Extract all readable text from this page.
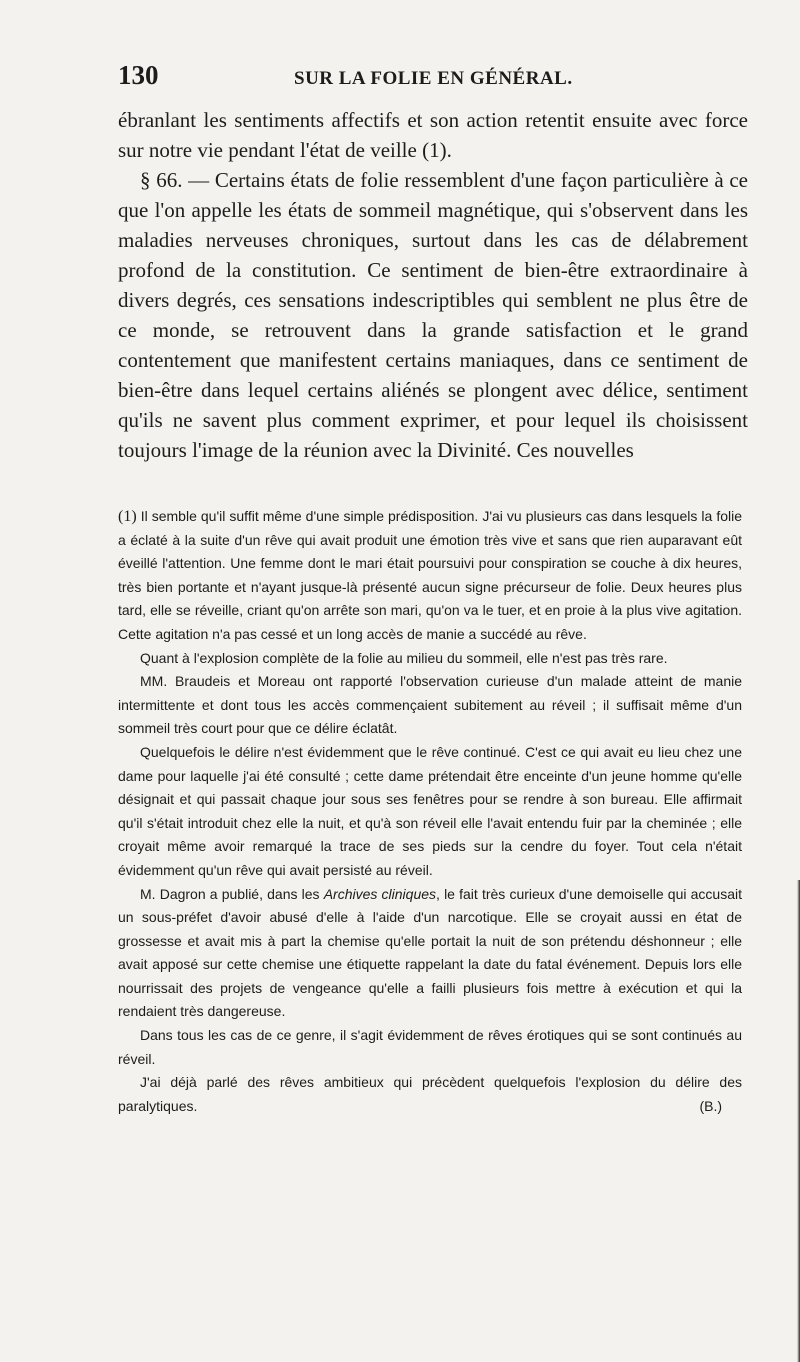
130	SUR LA FOLIE EN GÉNÉRAL.

ébranlant les sentiments affectifs et son action retentit ensuite avec force sur notre vie pendant l'état de veille (1).

§ 66. — Certains états de folie ressemblent d'une façon particulière à ce que l'on appelle les états de sommeil magnétique, qui s'observent dans les maladies nerveuses chroniques, surtout dans les cas de délabrement profond de la constitution. Ce sentiment de bien-être extraordinaire à divers degrés, ces sensations indescriptibles qui semblent ne plus être de ce monde, se retrouvent dans la grande satisfaction et le grand contentement que manifestent certains maniaques, dans ce sentiment de bien-être dans lequel certains aliénés se plongent avec délice, sentiment qu'ils ne savent plus comment exprimer, et pour lequel ils choisissent toujours l'image de la réunion avec la Divinité. Ces nouvelles

(1) Il semble qu'il suffit même d'une simple prédisposition. J'ai vu plusieurs cas dans lesquels la folie a éclaté à la suite d'un rêve qui avait produit une émotion très vive et sans que rien auparavant eût éveillé l'attention. Une femme dont le mari était poursuivi pour conspiration se couche à dix heures, très bien portante et n'ayant jusque-là présenté aucun signe précurseur de folie. Deux heures plus tard, elle se réveille, criant qu'on arrête son mari, qu'on va le tuer, et en proie à la plus vive agitation. Cette agitation n'a pas cessé et un long accès de manie a succédé au rêve.

Quant à l'explosion complète de la folie au milieu du sommeil, elle n'est pas très rare.

MM. Braudeis et Moreau ont rapporté l'observation curieuse d'un malade atteint de manie intermittente et dont tous les accès commençaient subitement au réveil ; il suffisait même d'un sommeil très court pour que ce délire éclatât.

Quelquefois le délire n'est évidemment que le rêve continué. C'est ce qui avait eu lieu chez une dame pour laquelle j'ai été consulté ; cette dame prétendait être enceinte d'un jeune homme qu'elle désignait et qui passait chaque jour sous ses fenêtres pour se rendre à son bureau. Elle affirmait qu'il s'était introduit chez elle la nuit, et qu'à son réveil elle l'avait entendu fuir par la cheminée ; elle croyait même avoir remarqué la trace de ses pieds sur la cendre du foyer. Tout cela n'était évidemment qu'un rêve qui avait persisté au réveil.

M. Dagron a publié, dans les Archives cliniques, le fait très curieux d'une demoiselle qui accusait un sous-préfet d'avoir abusé d'elle à l'aide d'un narcotique. Elle se croyait aussi en état de grossesse et avait mis à part la chemise qu'elle portait la nuit de son prétendu déshonneur ; elle avait apposé sur cette chemise une étiquette rappelant la date du fatal événement. Depuis lors elle nourrissait des projets de vengeance qu'elle a failli plusieurs fois mettre à exécution et qui la rendaient très dangereuse.

Dans tous les cas de ce genre, il s'agit évidemment de rêves érotiques qui se sont continués au réveil.

J'ai déjà parlé des rêves ambitieux qui précèdent quelquefois l'explosion du délire des paralytiques.	(B.)
